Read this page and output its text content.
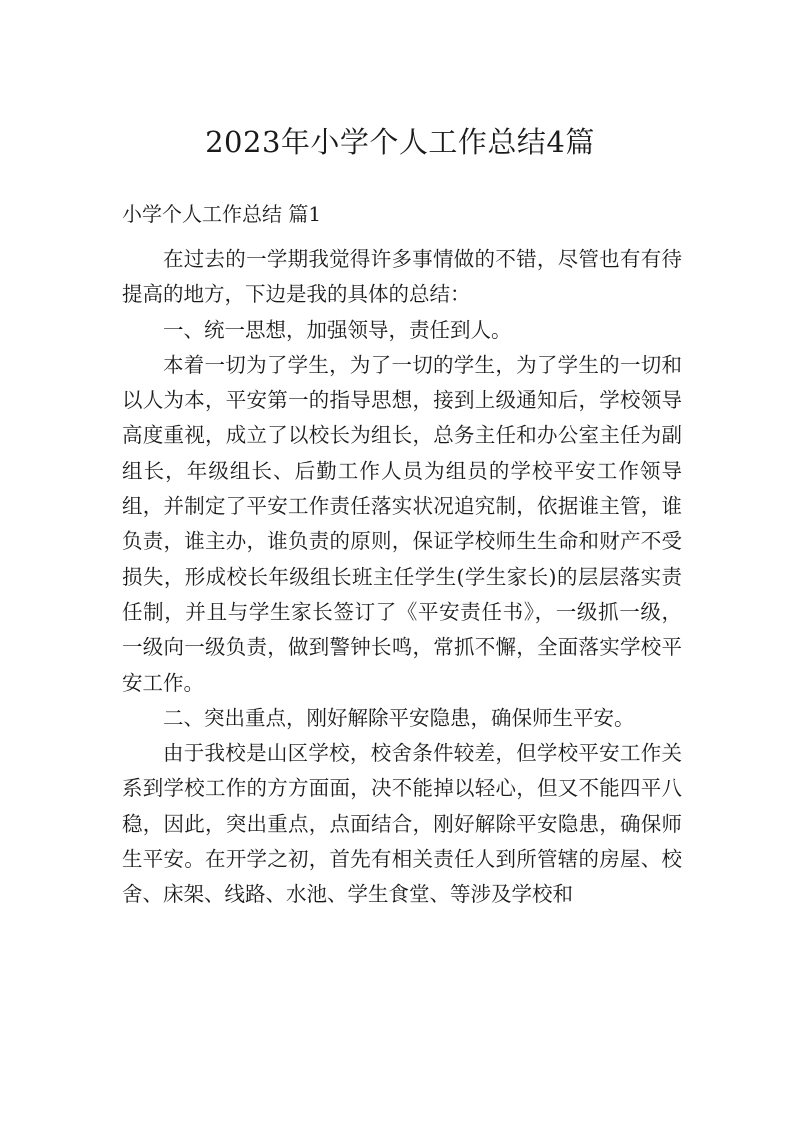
2023年小学个人工作总结4篇
小学个人工作总结 篇1

在过去的一学期我觉得许多事情做的不错，尽管也有有待提高的地方，下边是我的具体的总结：

一、统一思想，加强领导，责任到人。

本着一切为了学生，为了一切的学生，为了学生的一切和以人为本，平安第一的指导思想，接到上级通知后，学校领导高度重视，成立了以校长为组长，总务主任和办公室主任为副组长，年级组长、后勤工作人员为组员的学校平安工作领导组，并制定了平安工作责任落实状况追究制，依据谁主管，谁负责，谁主办，谁负责的原则，保证学校师生生命和财产不受损失，形成校长年级组长班主任学生(学生家长)的层层落实责任制，并且与学生家长签订了《平安责任书》，一级抓一级，一级向一级负责，做到警钟长鸣，常抓不懈，全面落实学校平安工作。

二、突出重点，刚好解除平安隐患，确保师生平安。

由于我校是山区学校，校舍条件较差，但学校平安工作关系到学校工作的方方面面，决不能掉以轻心，但又不能四平八稳，因此，突出重点，点面结合，刚好解除平安隐患，确保师生平安。在开学之初，首先有相关责任人到所管辖的房屋、校舍、床架、线路、水池、学生食堂、等涉及学校和
